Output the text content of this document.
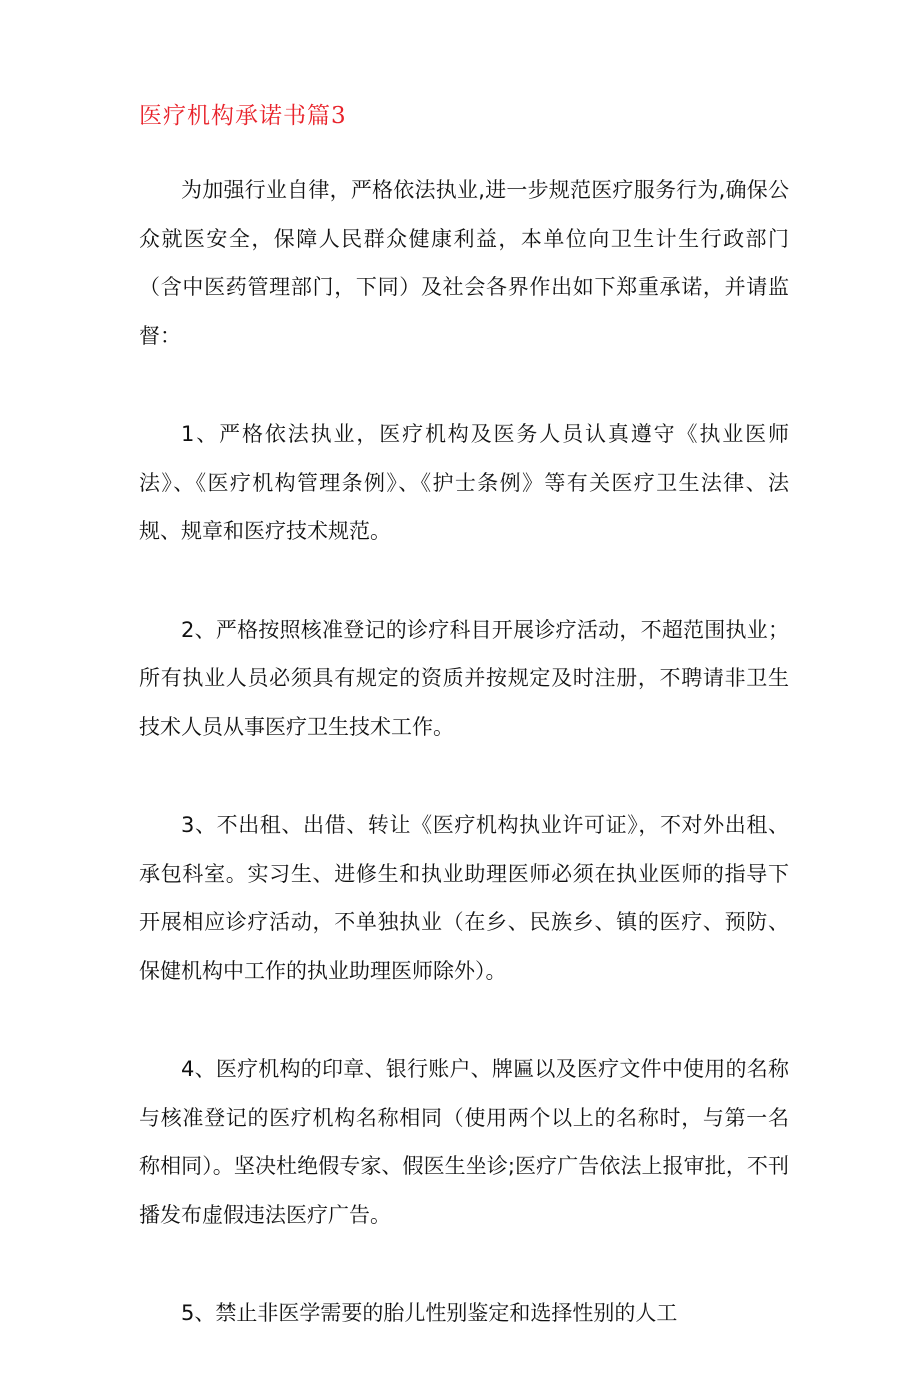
医疗机构承诺书篇3

为加强行业自律，严格依法执业,进一步规范医疗服务行为,确保公众就医安全，保障人民群众健康利益，本单位向卫生计生行政部门（含中医药管理部门，下同）及社会各界作出如下郑重承诺，并请监督：

1、严格依法执业，医疗机构及医务人员认真遵守《执业医师法》、《医疗机构管理条例》、《护士条例》等有关医疗卫生法律、法规、规章和医疗技术规范。

2、严格按照核准登记的诊疗科目开展诊疗活动，不超范围执业；所有执业人员必须具有规定的资质并按规定及时注册，不聘请非卫生技术人员从事医疗卫生技术工作。

3、不出租、出借、转让《医疗机构执业许可证》，不对外出租、承包科室。实习生、进修生和执业助理医师必须在执业医师的指导下开展相应诊疗活动，不单独执业（在乡、民族乡、镇的医疗、预防、保健机构中工作的执业助理医师除外）。

4、医疗机构的印章、银行账户、牌匾以及医疗文件中使用的名称与核准登记的医疗机构名称相同（使用两个以上的名称时，与第一名称相同）。坚决杜绝假专家、假医生坐诊;医疗广告依法上报审批，不刊播发布虚假违法医疗广告。

5、禁止非医学需要的胎儿性别鉴定和选择性别的人工
